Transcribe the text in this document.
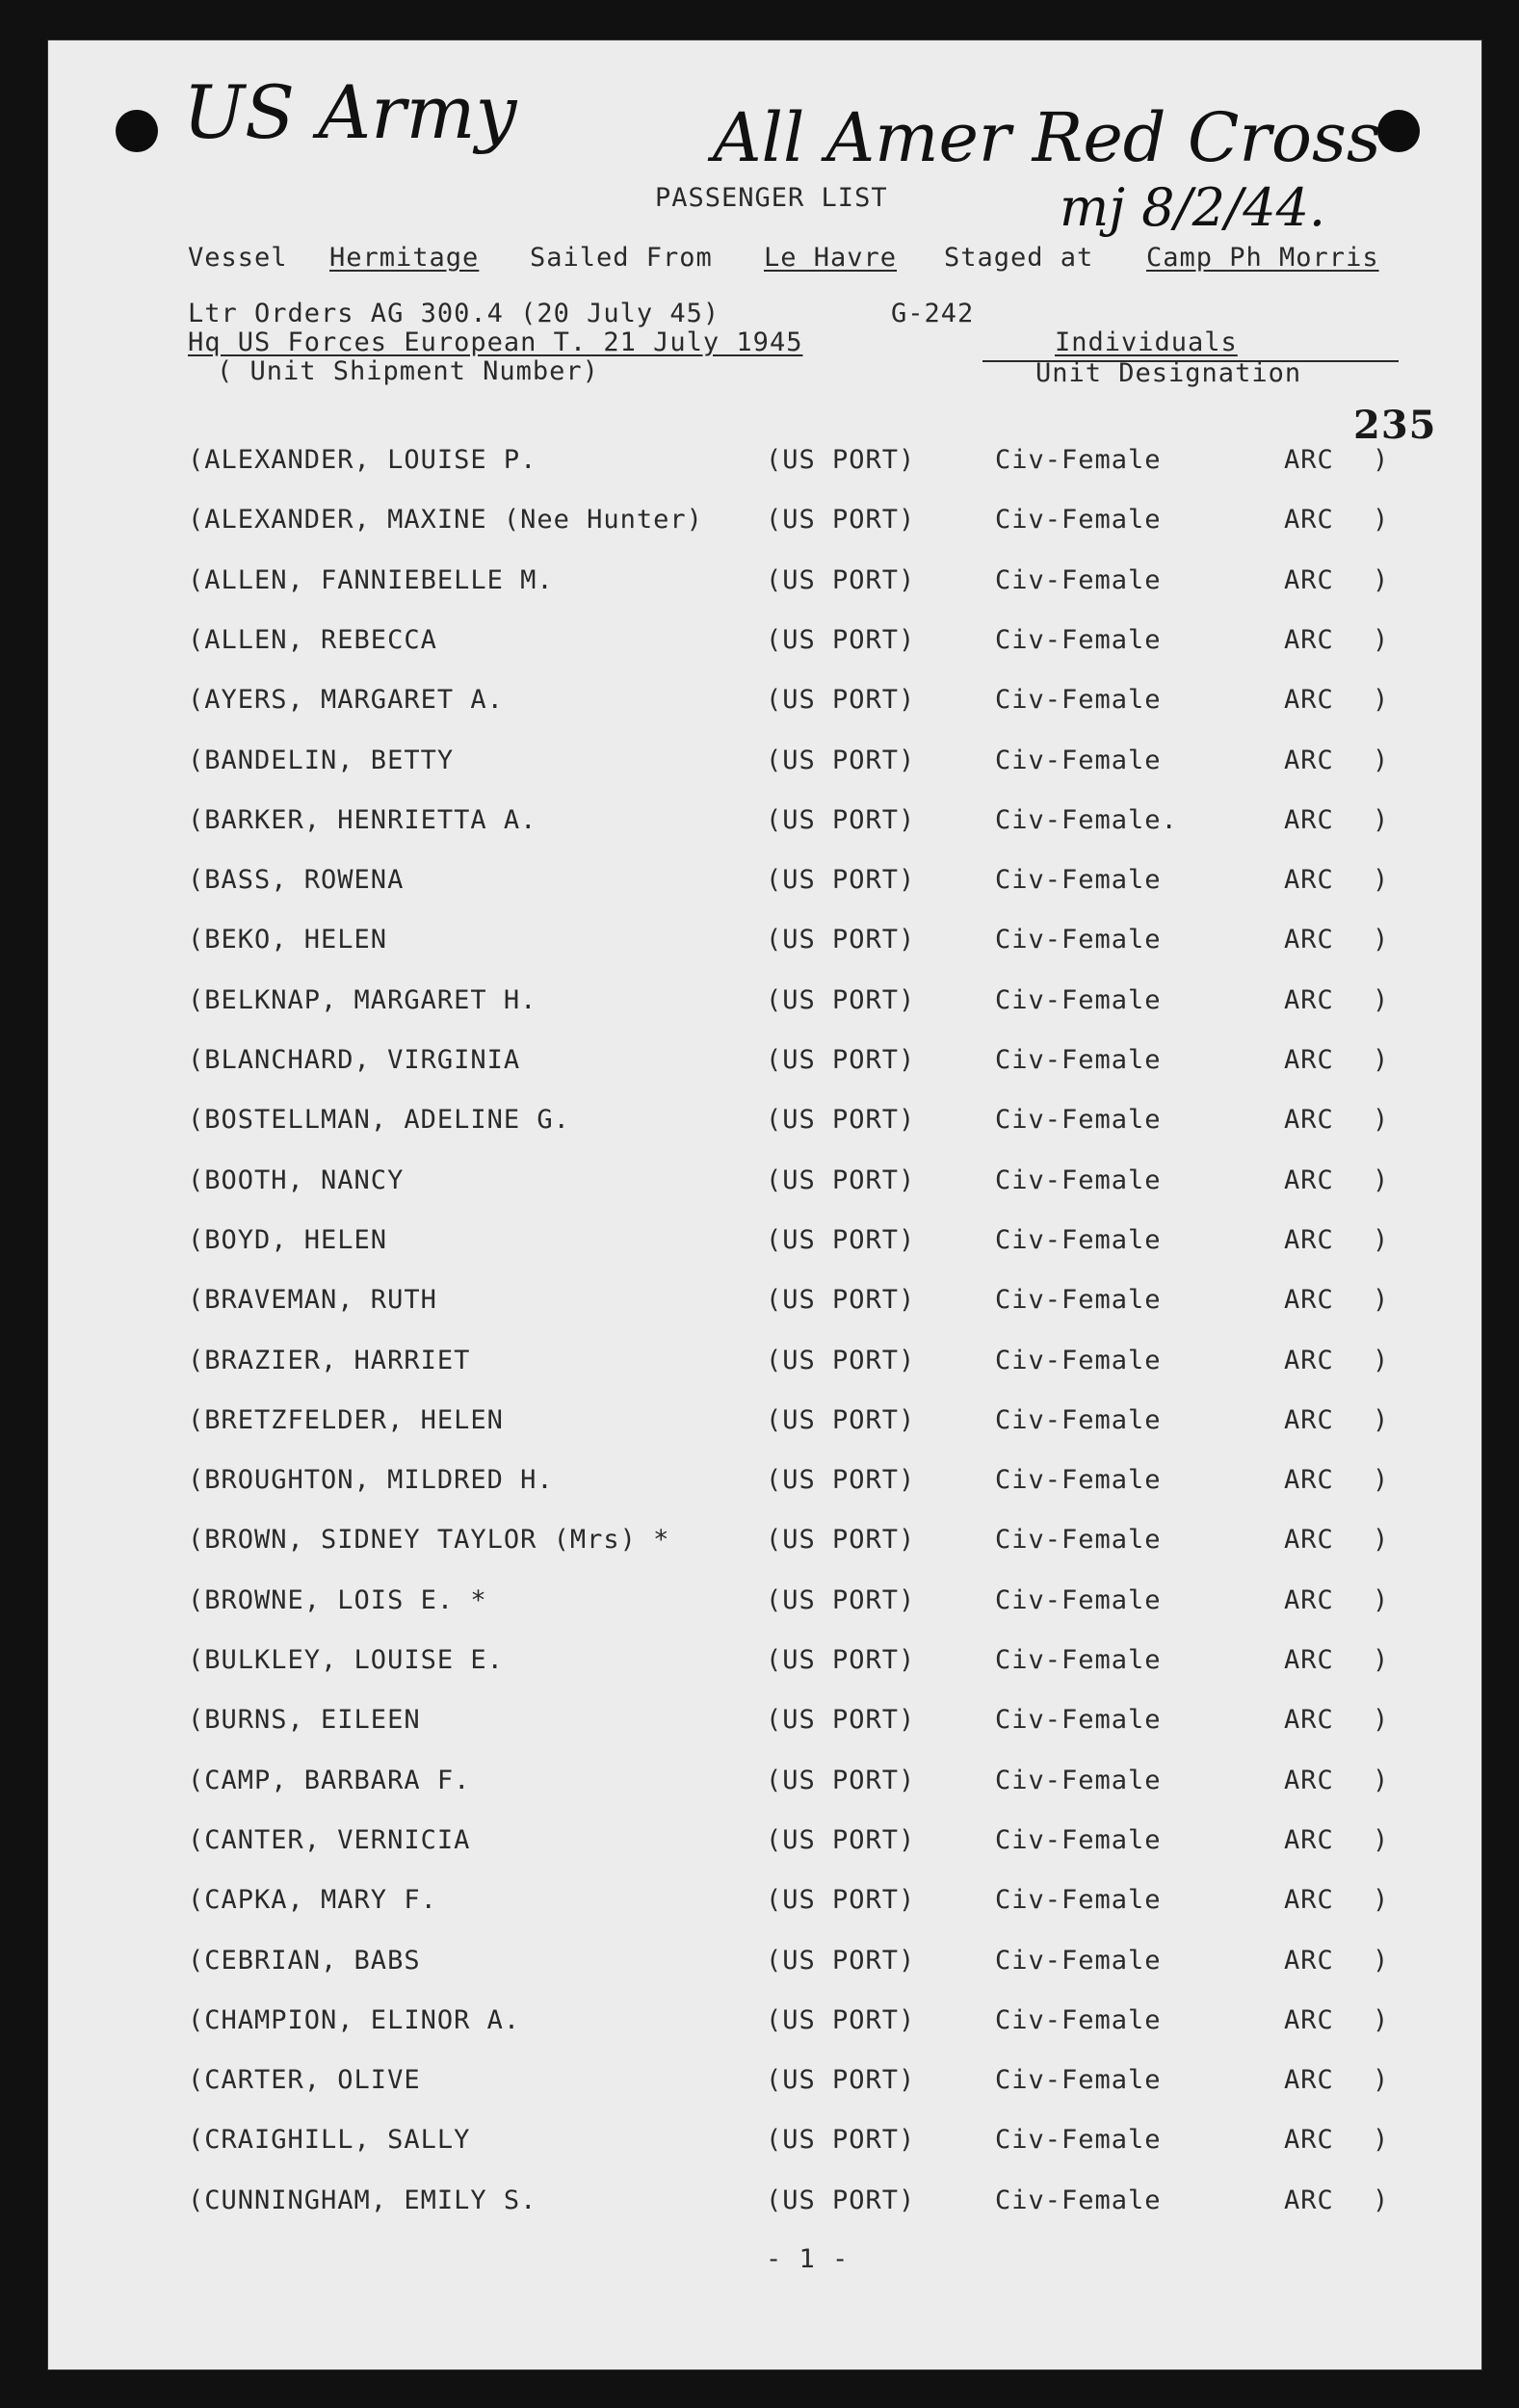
US Army	All Amer Red Cross
mj 8/2/44.
235
PASSENGER LIST
Vessel Hermitage Sailed From Le Havre Staged at Camp Ph Morris
Ltr Orders AG 300.4 (20 July 45)	G-242
Hq US Forces European T. 21 July 1945
( Unit Shipment Number)
Individuals
Unit Designation
(ALEXANDER, LOUISE P.	(US PORT)	Civ-Female	ARC )
(ALEXANDER, MAXINE (Nee Hunter) (US PORT)	Civ-Female	ARC )
(ALLEN, FANNIEBELLE M.	(US PORT)	Civ-Female	ARC )
(ALLEN, REBECCA	(US PORT)	Civ-Female	ARC )
(AYERS, MARGARET A.	(US PORT)	Civ-Female	ARC )
(BANDELIN, BETTY	(US PORT)	Civ-Female	ARC )
(BARKER, HENRIETTA A.	(US PORT)	Civ-Female.	ARC )
(BASS, ROWENA	(US PORT)	Civ-Female	ARC )
(BEKO, HELEN	(US PORT)	Civ-Female	ARC )
(BELKNAP, MARGARET H.	(US PORT)	Civ-Female	ARC )
(BLANCHARD, VIRGINIA	(US PORT)	Civ-Female	ARC )
(BOSTELLMAN, ADELINE G.	(US PORT)	Civ-Female	ARC )
(BOOTH, NANCY	(US PORT)	Civ-Female	ARC )
(BOYD, HELEN	(US PORT)	Civ-Female	ARC )
(BRAVEMAN, RUTH	(US PORT)	Civ-Female	ARC )
(BRAZIER, HARRIET	(US PORT)	Civ-Female	ARC )
(BRETZFELDER, HELEN	(US PORT)	Civ-Female	ARC )
(BROUGHTON, MILDRED H.	(US PORT)	Civ-Female	ARC )
(BROWN, SIDNEY TAYLOR (Mrs) *	(US PORT)	Civ-Female	ARC )
(BROWNE, LOIS E. *	(US PORT)	Civ-Female	ARC )
(BULKLEY, LOUISE E.	(US PORT)	Civ-Female	ARC )
(BURNS, EILEEN	(US PORT)	Civ-Female	ARC )
(CAMP, BARBARA F.	(US PORT)	Civ-Female	ARC )
(CANTER, VERNICIA	(US PORT)	Civ-Female	ARC )
(CAPKA, MARY F.	(US PORT)	Civ-Female	ARC )
(CEBRIAN, BABS	(US PORT)	Civ-Female	ARC )
(CHAMPION, ELINOR A.	(US PORT)	Civ-Female	ARC )
(CARTER, OLIVE	(US PORT)	Civ-Female	ARC )
(CRAIGHILL, SALLY	(US PORT)	Civ-Female	ARC )
(CUNNINGHAM, EMILY S.	(US PORT)	Civ-Female	ARC )
- 1 -
